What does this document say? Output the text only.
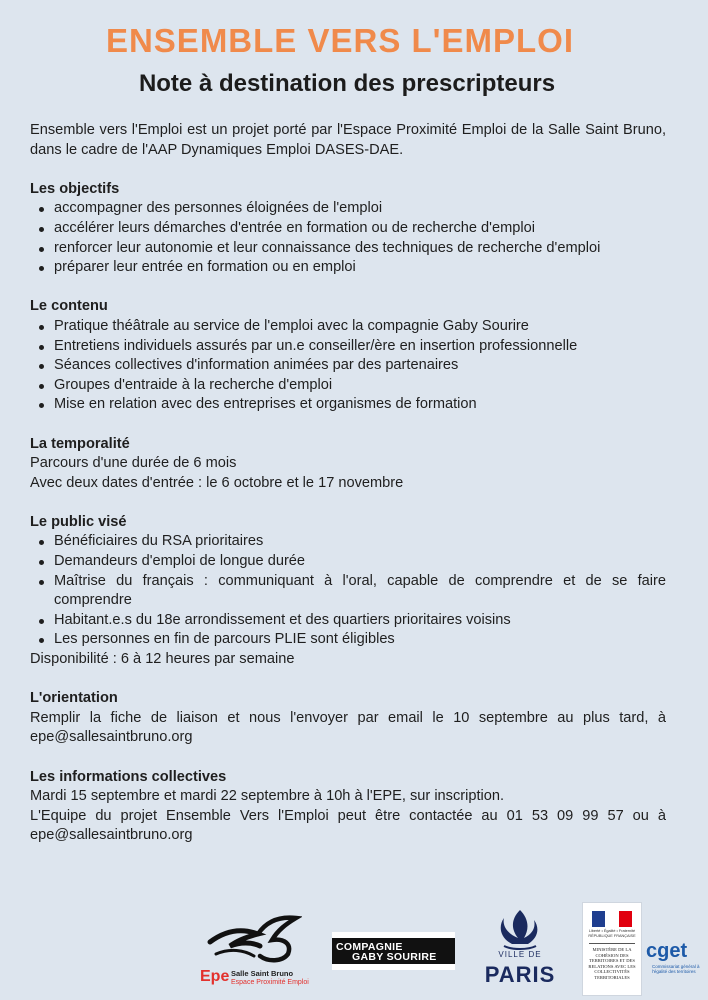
ENSEMBLE VERS L'EMPLOI
Note à destination des prescripteurs

Ensemble vers l'Emploi est un projet porté par l'Espace Proximité Emploi de la Salle Saint Bruno, dans le cadre de l'AAP Dynamiques Emploi DASES-DAE.

Les objectifs
accompagner des personnes éloignées de l'emploi
accélérer leurs démarches d'entrée en formation ou de recherche d'emploi
renforcer leur autonomie et leur connaissance des techniques de recherche d'emploi
préparer leur entrée en formation ou en emploi
Le contenu
Pratique théâtrale au service de l'emploi avec la compagnie Gaby Sourire
Entretiens individuels assurés par un.e conseiller/ère en insertion professionnelle
Séances collectives d'information animées par des partenaires
Groupes d'entraide à la recherche d'emploi
Mise en relation avec des entreprises et organismes de formation
La temporalité

Parcours d'une durée de 6 mois

Avec deux dates d'entrée : le 6 octobre et le 17 novembre

Le public visé
Bénéficiaires du RSA prioritaires
Demandeurs d'emploi de longue durée
Maîtrise du français : communiquant à l'oral, capable de comprendre et de se faire comprendre
Habitant.e.s du 18e arrondissement et des quartiers prioritaires voisins
Les personnes en fin de parcours PLIE sont éligibles

Disponibilité : 6 à 12 heures par semaine

L'orientation

Remplir la fiche de liaison et nous l'envoyer par email le 10 septembre au plus tard, à epe@sallesaintbruno.org

Les informations collectives

Mardi 15 septembre et mardi 22 septembre à 10h à l'EPE, sur inscription.

L'Equipe du projet Ensemble Vers l'Emploi peut être contactée au 01 53 09 99 57 ou à epe@sallesaintbruno.org

Epe Salle Saint Bruno
Espace Proximité Emploi
COMPAGNIE
GABY SOURIRE	VILLE DE
PARIS
Liberté • Égalité • Fraternité RÉPUBLIQUE FRANÇAISE
MINISTÈRE DE LA COHÉSION DES TERRITOIRES ET DES RELATIONS AVEC LES COLLECTIVITÉS TERRITORIALES
cget
Commissariat général à l'égalité des territoires
